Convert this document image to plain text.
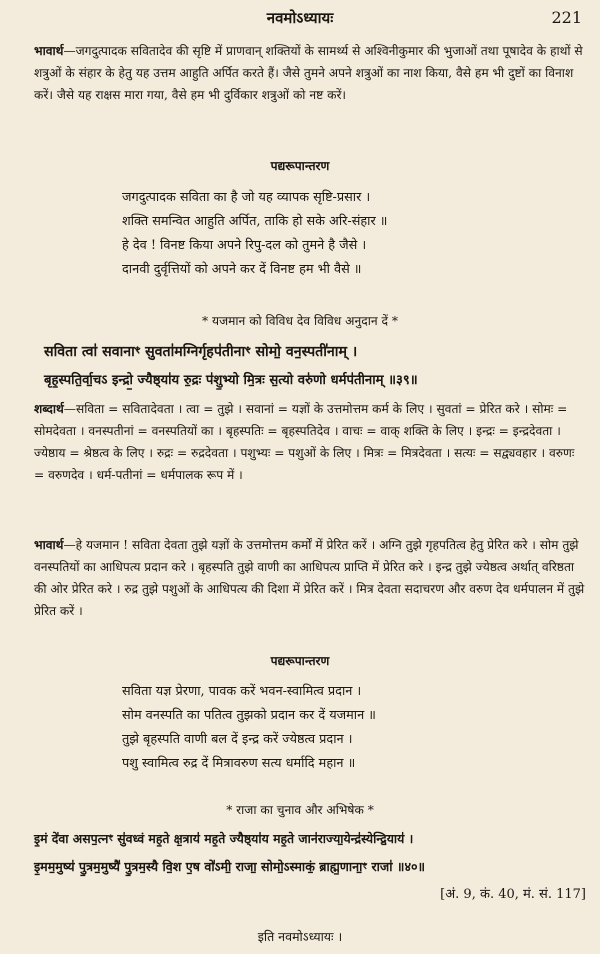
नवमोऽध्यायः	221

भावार्थ—जगदुत्पादक सवितादेव की सृष्टि में प्राणवान् शक्तियों के सामर्थ्य से अश्विनीकुमार की भुजाओं तथा पूषादेव के हाथों से शत्रुओं के संहार के हेतु यह उत्तम आहुति अर्पित करते हैं। जैसे तुमने अपने शत्रुओं का नाश किया, वैसे हम भी दुष्टों का विनाश करें। जैसे यह राक्षस मारा गया, वैसे हम भी दुर्विकार शत्रुओं को नष्ट करें।

पद्यरूपान्तरण
जगदुत्पादक सविता का है जो यह व्यापक सृष्टि-प्रसार ।
शक्ति समन्वित आहुति अर्पित, ताकि हो सके अरि-संहार ॥
हे देव ! विनष्ट किया अपने रिपु-दल को तुमने है जैसे ।
दानवी दुर्वृत्तियों को अपने कर दें विनष्ट हम भी वैसे ॥
* यजमान को विविध देव विविध अनुदान दें *
सविता त्वा॑ सवानाꣳ सुवता॑मग्निर्गृहप॑तीनाꣳ सोमो॒ वन॒स्पती॑नाम् ।
बृह॒स्पति॒र्वा॒चऽ इन्द्रो॒ ज्यैष्ठ्या॑य रु॒द्रः प॑शु॒भ्यो मि॒त्रः स॒त्यो वरु॑णो धर्मप॑तीनाम् ॥३९॥

शब्दार्थ—सविता = सवितादेवता । त्वा = तुझे । सवानां = यज्ञों के उत्तमोत्तम कर्म के लिए । सुवतां = प्रेरित करे । सोमः = सोमदेवता । वनस्पतीनां = वनस्पतियों का । बृहस्पतिः = बृहस्पतिदेव । वाचः = वाक् शक्ति के लिए । इन्द्रः = इन्द्रदेवता । ज्येष्ठाय = श्रेष्ठत्व के लिए । रुद्रः = रुद्रदेवता । पशुभ्यः = पशुओं के लिए । मित्रः = मित्रदेवता । सत्यः = सद्व्यवहार । वरुणः = वरुणदेव । धर्म-पतीनां = धर्मपालक रूप में ।

भावार्थ—हे यजमान ! सविता देवता तुझे यज्ञों के उत्तमोत्तम कर्मों में प्रेरित करें । अग्नि तुझे गृहपतित्व हेतु प्रेरित करे । सोम तुझे वनस्पतियों का आधिपत्य प्रदान करे । बृहस्पति तुझे वाणी का आधिपत्य प्राप्ति में प्रेरित करे । इन्द्र तुझे ज्येष्ठत्व अर्थात् वरिष्ठता की ओर प्रेरित करे । रुद्र तुझे पशुओं के आधिपत्य की दिशा में प्रेरित करें । मित्र देवता सदाचरण और वरुण देव धर्मपालन में तुझे प्रेरित करें ।

पद्यरूपान्तरण
सविता यज्ञ प्रेरणा, पावक करें भवन-स्वामित्व प्रदान ।
सोम वनस्पति का पतित्व तुझको प्रदान कर दें यजमान ॥
तुझे बृहस्पति वाणी बल दें इन्द्र करें ज्येष्ठत्व प्रदान ।
पशु स्वामित्व रुद्र दें मित्रावरुण सत्य धर्मादि महान ॥
* राजा का चुनाव और अभिषेक *
इ॒मं दे॑वा असप॒त्नꣳ सु॑वध्वं मह॒ते क्ष॒त्राय॑ मह॒ते ज्यैष्ठ्या॑य मह॒ते जान॑राज्या॒येन्द्र॑स्येन्द्रि॒याय॑ ।
इ॒मम॒मुष्य॑ पु॒त्रम॒मुष्यै॑ पु॒त्रम॒स्यै वि॒श ए॒ष वो॑ऽमी॒ राजा॒ सोमो॒ऽस्माकं॒ ब्राह्म॒णाना॒ꣳ राजा॑ ॥४०॥
[अं. 9, कं. 40, मं. सं. 117]
इति नवमोऽध्यायः ।
